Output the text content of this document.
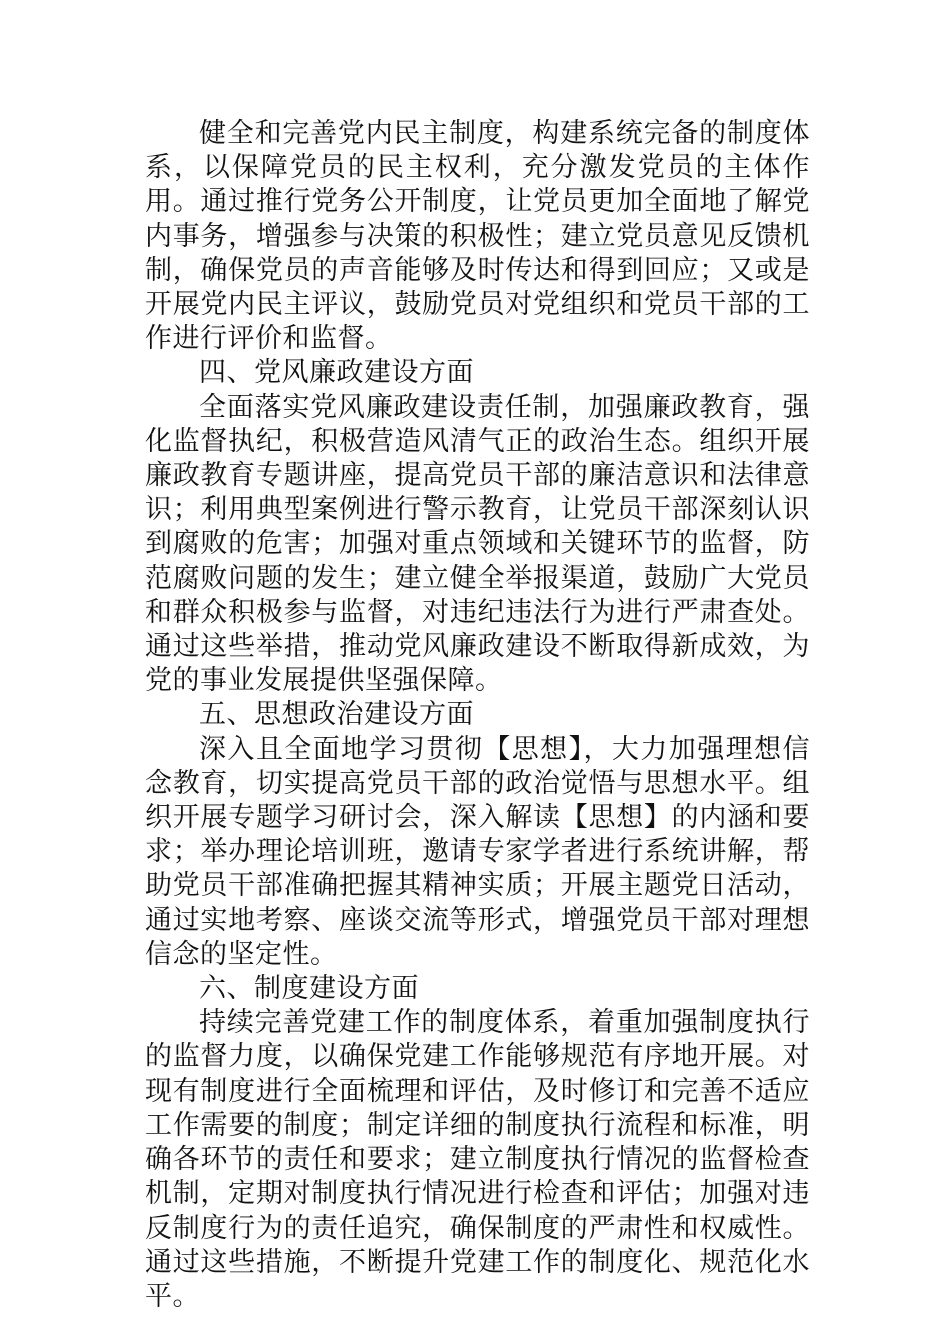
健全和完善党内民主制度，构建系统完备的制度体系，以保障党员的民主权利，充分激发党员的主体作用。通过推行党务公开制度，让党员更加全面地了解党内事务，增强参与决策的积极性；建立党员意见反馈机制，确保党员的声音能够及时传达和得到回应；又或是开展党内民主评议，鼓励党员对党组织和党员干部的工作进行评价和监督。

四、党风廉政建设方面

全面落实党风廉政建设责任制，加强廉政教育，强化监督执纪，积极营造风清气正的政治生态。组织开展廉政教育专题讲座，提高党员干部的廉洁意识和法律意识；利用典型案例进行警示教育，让党员干部深刻认识到腐败的危害；加强对重点领域和关键环节的监督，防范腐败问题的发生；建立健全举报渠道，鼓励广大党员和群众积极参与监督，对违纪违法行为进行严肃查处。通过这些举措，推动党风廉政建设不断取得新成效，为党的事业发展提供坚强保障。

五、思想政治建设方面

深入且全面地学习贯彻【思想】，大力加强理想信念教育，切实提高党员干部的政治觉悟与思想水平。组织开展专题学习研讨会，深入解读【思想】的内涵和要求；举办理论培训班，邀请专家学者进行系统讲解，帮助党员干部准确把握其精神实质；开展主题党日活动，通过实地考察、座谈交流等形式，增强党员干部对理想信念的坚定性。

六、制度建设方面

持续完善党建工作的制度体系，着重加强制度执行的监督力度，以确保党建工作能够规范有序地开展。对现有制度进行全面梳理和评估，及时修订和完善不适应工作需要的制度；制定详细的制度执行流程和标准，明确各环节的责任和要求；建立制度执行情况的监督检查机制，定期对制度执行情况进行检查和评估；加强对违反制度行为的责任追究，确保制度的严肃性和权威性。通过这些措施，不断提升党建工作的制度化、规范化水平。
